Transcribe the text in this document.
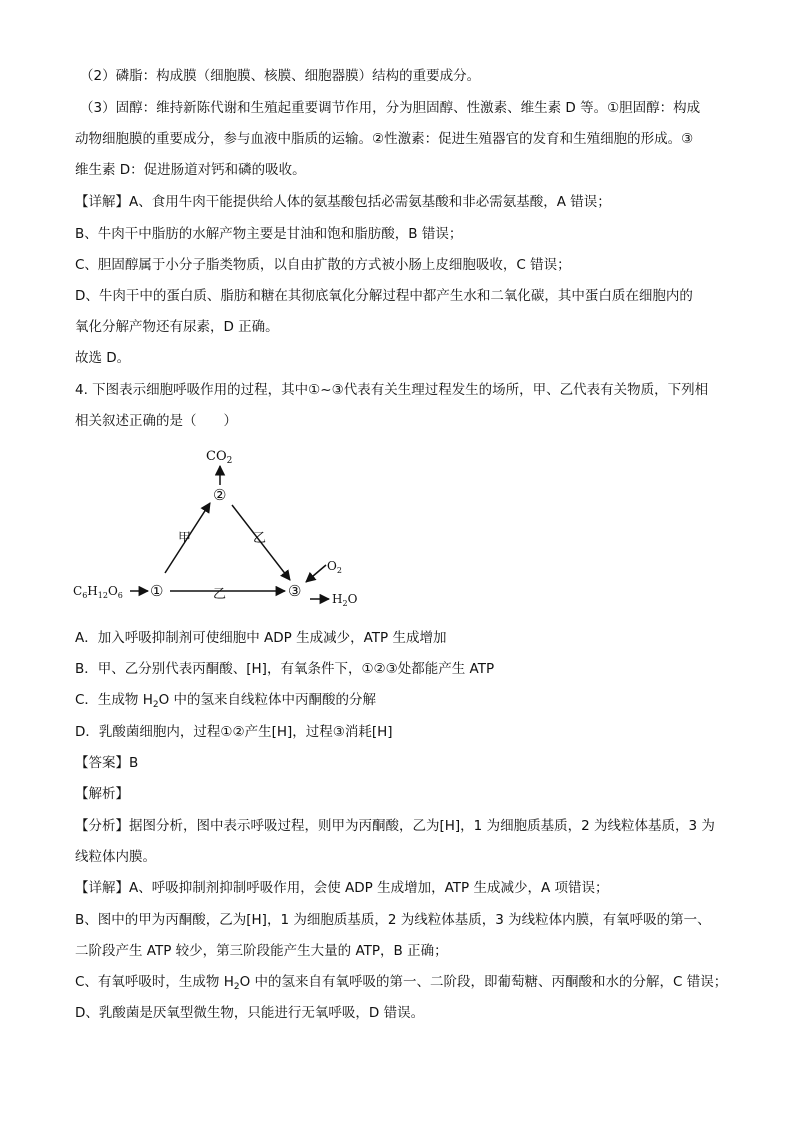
（2）磷脂：构成膜（细胞膜、核膜、细胞器膜）结构的重要成分。
（3）固醇：维持新陈代谢和生殖起重要调节作用，分为胆固醇、性激素、维生素 D 等。①胆固醇：构成
动物细胞膜的重要成分，参与血液中脂质的运输。②性激素：促进生殖器官的发育和生殖细胞的形成。③
维生素 D：促进肠道对钙和磷的吸收。
【详解】A、食用牛肉干能提供给人体的氨基酸包括必需氨基酸和非必需氨基酸，A 错误；
B、牛肉干中脂肪的水解产物主要是甘油和饱和脂肪酸，B 错误；
C、胆固醇属于小分子脂类物质，以自由扩散的方式被小肠上皮细胞吸收，C 错误；
D、牛肉干中的蛋白质、脂肪和糖在其彻底氧化分解过程中都产生水和二氧化碳，其中蛋白质在细胞内的
氧化分解产物还有尿素，D 正确。
故选 D。
4. 下图表示细胞呼吸作用的过程，其中①~③代表有关生理过程发生的场所，甲、乙代表有关物质，下列相
相关叙述正确的是（　　）
$CO_2$
②
甲	乙
$C_6H_{12}O_6$ ①	乙	③
$O_2$
$H_2O$
A．加入呼吸抑制剂可使细胞中 ADP 生成减少，ATP 生成增加
B．甲、乙分别代表丙酮酸、[H]，有氧条件下，①②③处都能产生 ATP
C．生成物 $H_2O$ 中的氢来自线粒体中丙酮酸的分解
D．乳酸菌细胞内，过程①②产生[H]，过程③消耗[H]
【答案】B
【解析】
【分析】据图分析，图中表示呼吸过程，则甲为丙酮酸，乙为[H]，1 为细胞质基质，2 为线粒体基质，3 为
线粒体内膜。
【详解】A、呼吸抑制剂抑制呼吸作用，会使 ADP 生成增加，ATP 生成减少，A 项错误；
B、图中的甲为丙酮酸，乙为[H]，1 为细胞质基质，2 为线粒体基质，3 为线粒体内膜，有氧呼吸的第一、
二阶段产生 ATP 较少，第三阶段能产生大量的 ATP，B 正确；
C、有氧呼吸时，生成物 $H_2O$ 中的氢来自有氧呼吸的第一、二阶段，即葡萄糖、丙酮酸和水的分解，C 错误；
D、乳酸菌是厌氧型微生物，只能进行无氧呼吸，D 错误。
